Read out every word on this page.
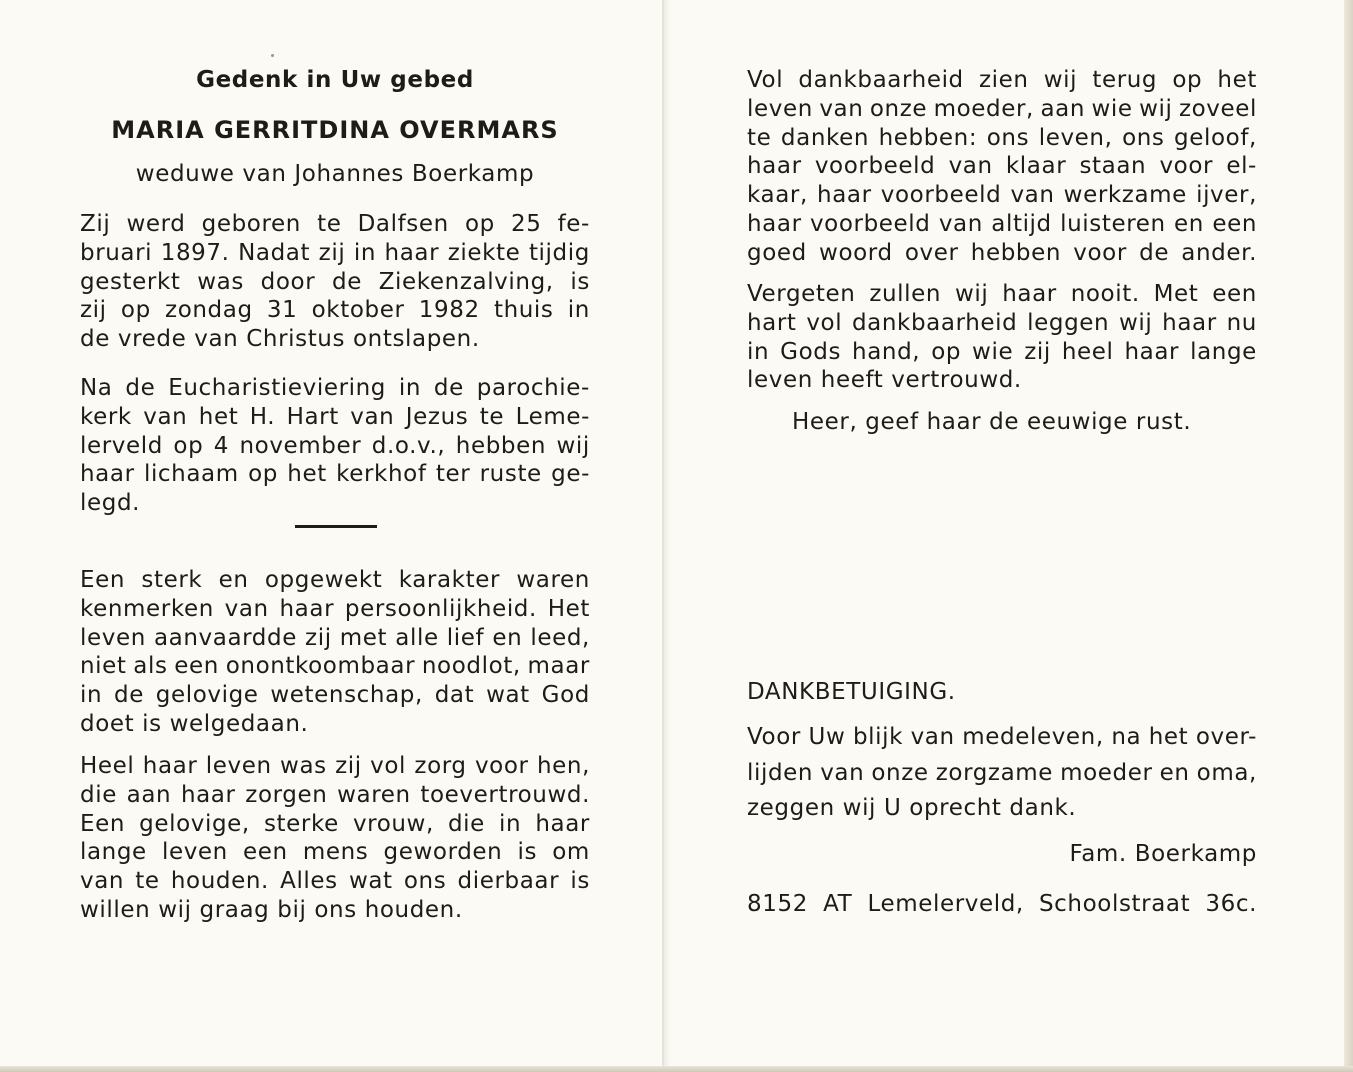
Gedenk in Uw gebed
MARIA GERRITDINA OVERMARS
weduwe van Johannes Boerkamp
Zij werd geboren te Dalfsen op 25 fe-
bruari 1897. Nadat zij in haar ziekte tijdig
gesterkt was door de Ziekenzalving, is
zij op zondag 31 oktober 1982 thuis in
de vrede van Christus ontslapen.
Na de Eucharistieviering in de parochie-
kerk van het H. Hart van Jezus te Leme-
lerveld op 4 november d.o.v., hebben wij
haar lichaam op het kerkhof ter ruste ge-
legd.
Een sterk en opgewekt karakter waren
kenmerken van haar persoonlijkheid. Het
leven aanvaardde zij met alle lief en leed,
niet als een onontkoombaar noodlot, maar
in de gelovige wetenschap, dat wat God
doet is welgedaan.
Heel haar leven was zij vol zorg voor hen,
die aan haar zorgen waren toevertrouwd.
Een gelovige, sterke vrouw, die in haar
lange leven een mens geworden is om
van te houden. Alles wat ons dierbaar is
willen wij graag bij ons houden.
Vol dankbaarheid zien wij terug op het
leven van onze moeder, aan wie wij zoveel
te danken hebben: ons leven, ons geloof,
haar voorbeeld van klaar staan voor el-
kaar, haar voorbeeld van werkzame ijver,
haar voorbeeld van altijd luisteren en een
goed woord over hebben voor de ander.
Vergeten zullen wij haar nooit. Met een
hart vol dankbaarheid leggen wij haar nu
in Gods hand, op wie zij heel haar lange
leven heeft vertrouwd.
Heer, geef haar de eeuwige rust.
DANKBETUIGING.
Voor Uw blijk van medeleven, na het over-
lijden van onze zorgzame moeder en oma,
zeggen wij U oprecht dank.
Fam. Boerkamp
8152 AT Lemelerveld, Schoolstraat 36c.
